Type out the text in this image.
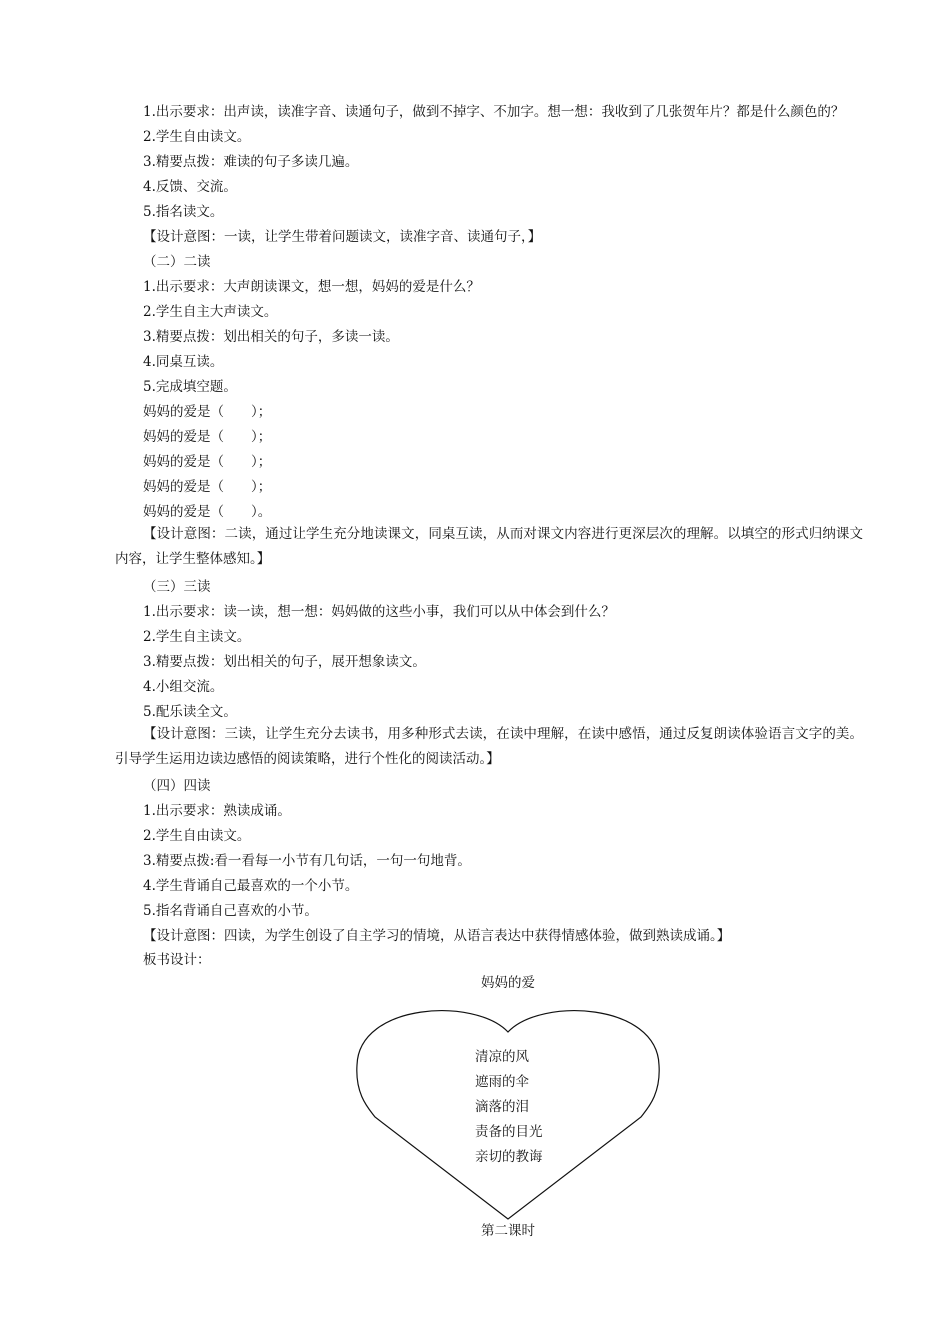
1.出示要求：出声读，读准字音、读通句子，做到不掉字、不加字。想一想：我收到了几张贺年片？都是什么颜色的？
2.学生自由读文。
3.精要点拨：难读的句子多读几遍。
4.反馈、交流。
5.指名读文。
【设计意图：一读，让学生带着问题读文，读准字音、读通句子，】
（二）二读
1.出示要求：大声朗读课文，想一想，妈妈的爱是什么？
2.学生自主大声读文。
3.精要点拨：划出相关的句子，多读一读。
4.同桌互读。
5.完成填空题。
妈妈的爱是（　　）；
妈妈的爱是（　　）；
妈妈的爱是（　　）；
妈妈的爱是（　　）；
妈妈的爱是（　　）。
【设计意图：二读，通过让学生充分地读课文，同桌互读，从而对课文内容进行更深层次的理解。以填空的形式归纳课文内容，让学生整体感知。】
（三）三读
1.出示要求：读一读，想一想：妈妈做的这些小事，我们可以从中体会到什么？
2.学生自主读文。
3.精要点拨：划出相关的句子，展开想象读文。
4.小组交流。
5.配乐读全文。
【设计意图：三读，让学生充分去读书，用多种形式去读，在读中理解，在读中感悟，通过反复朗读体验语言文字的美。引导学生运用边读边感悟的阅读策略，进行个性化的阅读活动。】
（四）四读
1.出示要求：熟读成诵。
2.学生自由读文。
3.精要点拨:看一看每一小节有几句话，一句一句地背。
4.学生背诵自己最喜欢的一个小节。
5.指名背诵自己喜欢的小节。
【设计意图：四读，为学生创设了自主学习的情境，从语言表达中获得情感体验，做到熟读成诵。】
板书设计：
妈妈的爱
清凉的风
遮雨的伞
滴落的泪
责备的目光
亲切的教诲
第二课时
